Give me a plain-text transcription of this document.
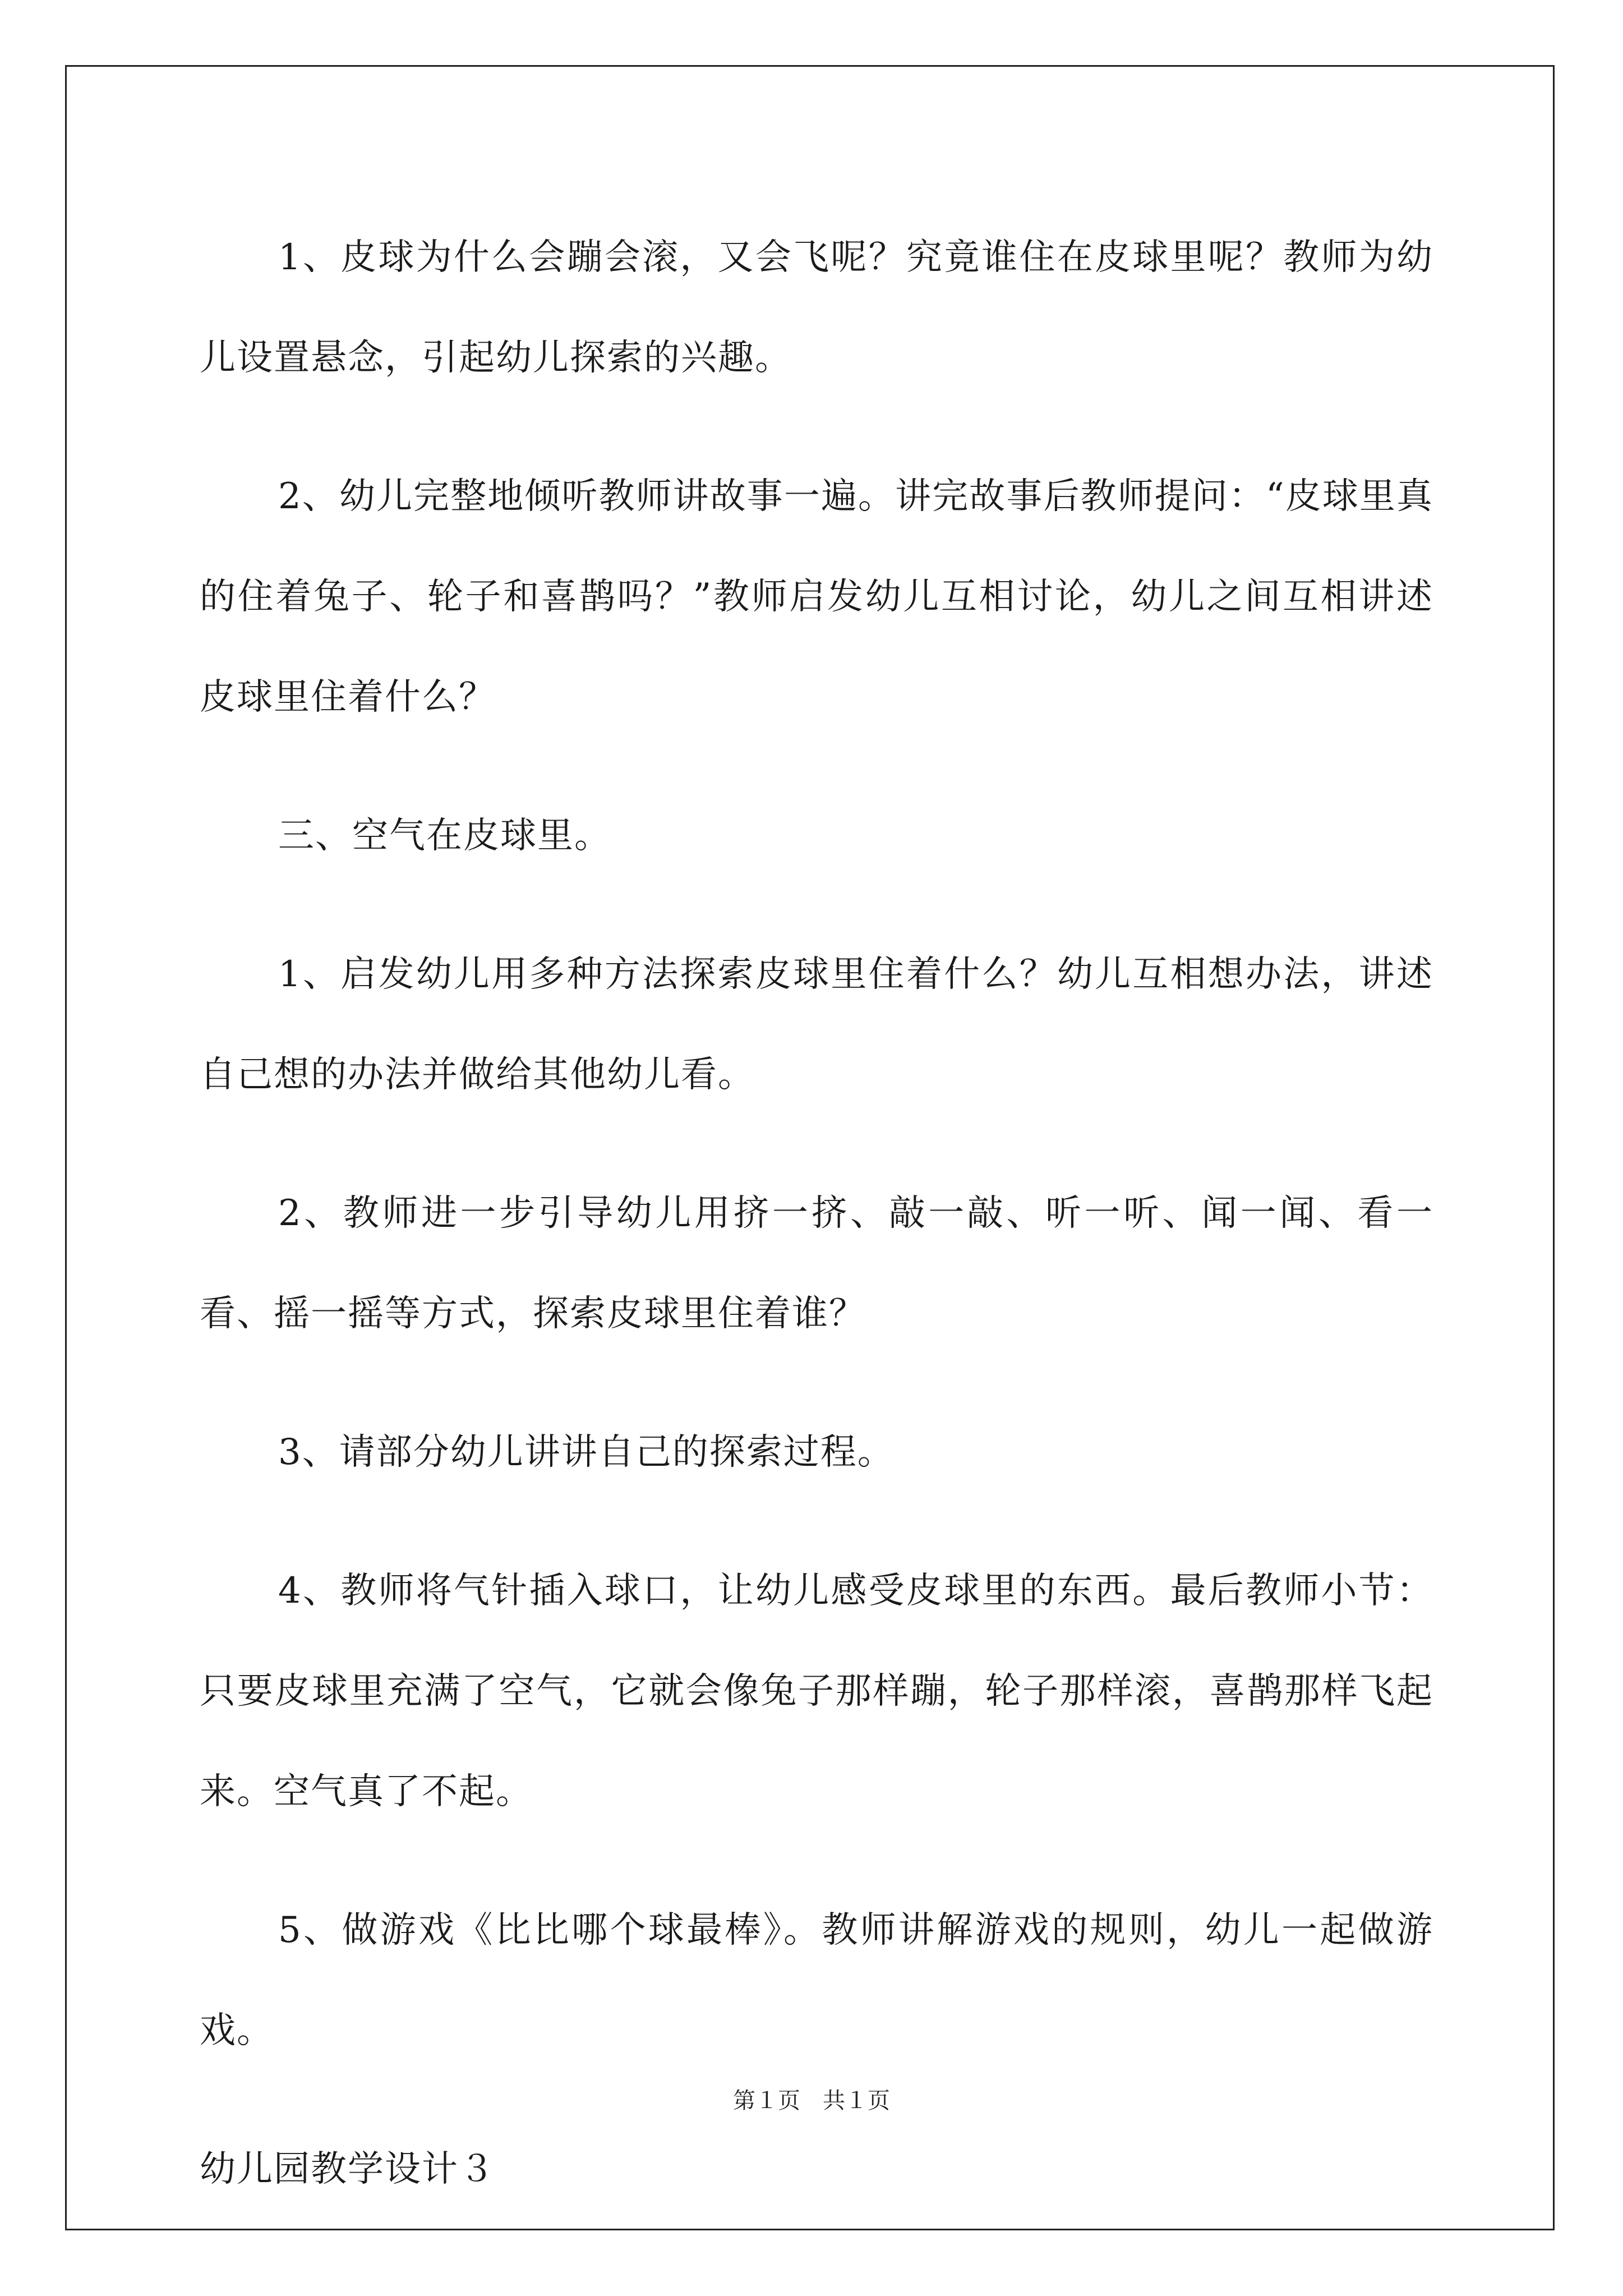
1、皮球为什么会蹦会滚，又会飞呢？究竟谁住在皮球里呢？教师为幼儿设置悬念，引起幼儿探索的兴趣。

2、幼儿完整地倾听教师讲故事一遍。讲完故事后教师提问：“皮球里真的住着兔子、轮子和喜鹊吗？”教师启发幼儿互相讨论，幼儿之间互相讲述皮球里住着什么？

三、空气在皮球里。

1、启发幼儿用多种方法探索皮球里住着什么？幼儿互相想办法，讲述自己想的办法并做给其他幼儿看。

2、教师进一步引导幼儿用挤一挤、敲一敲、听一听、闻一闻、看一看、摇一摇等方式，探索皮球里住着谁？

3、请部分幼儿讲讲自己的探索过程。

4、教师将气针插入球口，让幼儿感受皮球里的东西。最后教师小节：只要皮球里充满了空气，它就会像兔子那样蹦，轮子那样滚，喜鹊那样飞起来。空气真了不起。

5、做游戏《比比哪个球最棒》。教师讲解游戏的规则，幼儿一起做游戏。

幼儿园教学设计３

第１页 共１页
